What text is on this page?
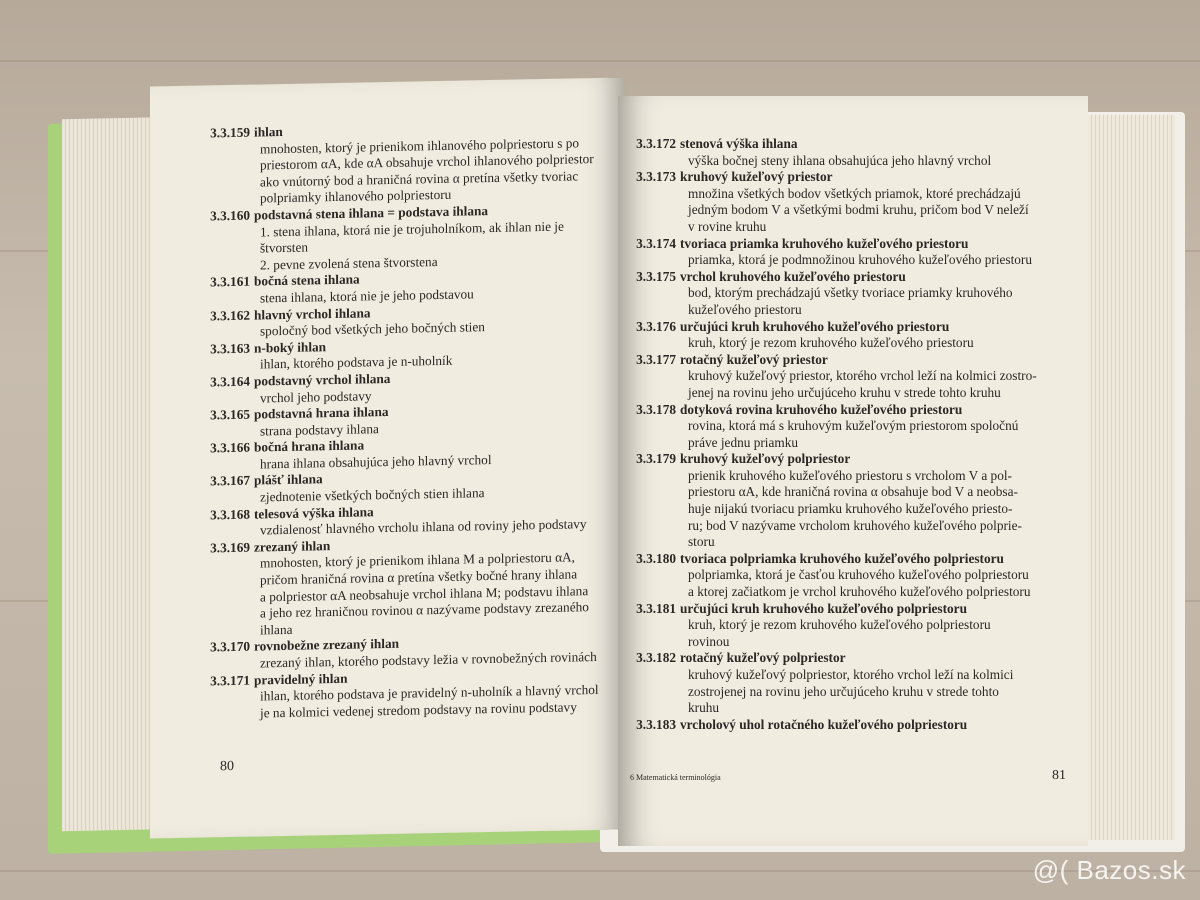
3.3.159 ihlan
mnohosten, ktorý je prienikom ihlanového polpriestoru s po
priestorom αA, kde αA obsahuje vrchol ihlanového polpriestor
ako vnútorný bod a hraničná rovina α pretína všetky tvoriac
polpriamky ihlanového polpriestoru
3.3.160 podstavná stena ihlana = podstava ihlana
1. stena ihlana, ktorá nie je trojuholníkom, ak ihlan nie je
štvorsten
2. pevne zvolená stena štvorstena
3.3.161 bočná stena ihlana
stena ihlana, ktorá nie je jeho podstavou
3.3.162 hlavný vrchol ihlana
spoločný bod všetkých jeho bočných stien
3.3.163 n-boký ihlan
ihlan, ktorého podstava je n-uholník
3.3.164 podstavný vrchol ihlana
vrchol jeho podstavy
3.3.165 podstavná hrana ihlana
strana podstavy ihlana
3.3.166 bočná hrana ihlana
hrana ihlana obsahujúca jeho hlavný vrchol
3.3.167 plášť ihlana
zjednotenie všetkých bočných stien ihlana
3.3.168 telesová výška ihlana
vzdialenosť hlavného vrcholu ihlana od roviny jeho podstavy
3.3.169 zrezaný ihlan
mnohosten, ktorý je prienikom ihlana M a polpriestoru αA,
pričom hraničná rovina α pretína všetky bočné hrany ihlana
a polpriestor αA neobsahuje vrchol ihlana M; podstavu ihlana
a jeho rez hraničnou rovinou α nazývame podstavy zrezaného
ihlana
3.3.170 rovnobežne zrezaný ihlan
zrezaný ihlan, ktorého podstavy ležia v rovnobežných rovinách
3.3.171 pravidelný ihlan
ihlan, ktorého podstava je pravidelný n-uholník a hlavný vrchol
je na kolmici vedenej stredom podstavy na rovinu podstavy
80
3.3.172 stenová výška ihlana
výška bočnej steny ihlana obsahujúca jeho hlavný vrchol
3.3.173 kruhový kužeľový priestor
množina všetkých bodov všetkých priamok, ktoré prechádzajú
jedným bodom V a všetkými bodmi kruhu, pričom bod V neleží
v rovine kruhu
3.3.174 tvoriaca priamka kruhového kužeľového priestoru
priamka, ktorá je podmnožinou kruhového kužeľového priestoru
3.3.175 vrchol kruhového kužeľového priestoru
bod, ktorým prechádzajú všetky tvoriace priamky kruhového
kužeľového priestoru
3.3.176 určujúci kruh kruhového kužeľového priestoru
kruh, ktorý je rezom kruhového kužeľového priestoru
3.3.177 rotačný kužeľový priestor
kruhový kužeľový priestor, ktorého vrchol leží na kolmici zostro-
jenej na rovinu jeho určujúceho kruhu v strede tohto kruhu
3.3.178 dotyková rovina kruhového kužeľového priestoru
rovina, ktorá má s kruhovým kužeľovým priestorom spoločnú
práve jednu priamku
3.3.179 kruhový kužeľový polpriestor
prienik kruhového kužeľového priestoru s vrcholom V a pol-
priestoru αA, kde hraničná rovina α obsahuje bod V a neobsa-
huje nijakú tvoriacu priamku kruhového kužeľového priesto-
ru; bod V nazývame vrcholom kruhového kužeľového polprie-
storu
3.3.180 tvoriaca polpriamka kruhového kužeľového polpriestoru
polpriamka, ktorá je časťou kruhového kužeľového polpriestoru
a ktorej začiatkom je vrchol kruhového kužeľového polpriestoru
3.3.181 určujúci kruh kruhového kužeľového polpriestoru
kruh, ktorý je rezom kruhového kužeľového polpriestoru
rovinou
3.3.182 rotačný kužeľový polpriestor
kruhový kužeľový polpriestor, ktorého vrchol leží na kolmici
zostrojenej na rovinu jeho určujúceho kruhu v strede tohto
kruhu
3.3.183 vrcholový uhol rotačného kužeľového polpriestoru
6 Matematická terminológia	81
@( Bazos.sk
